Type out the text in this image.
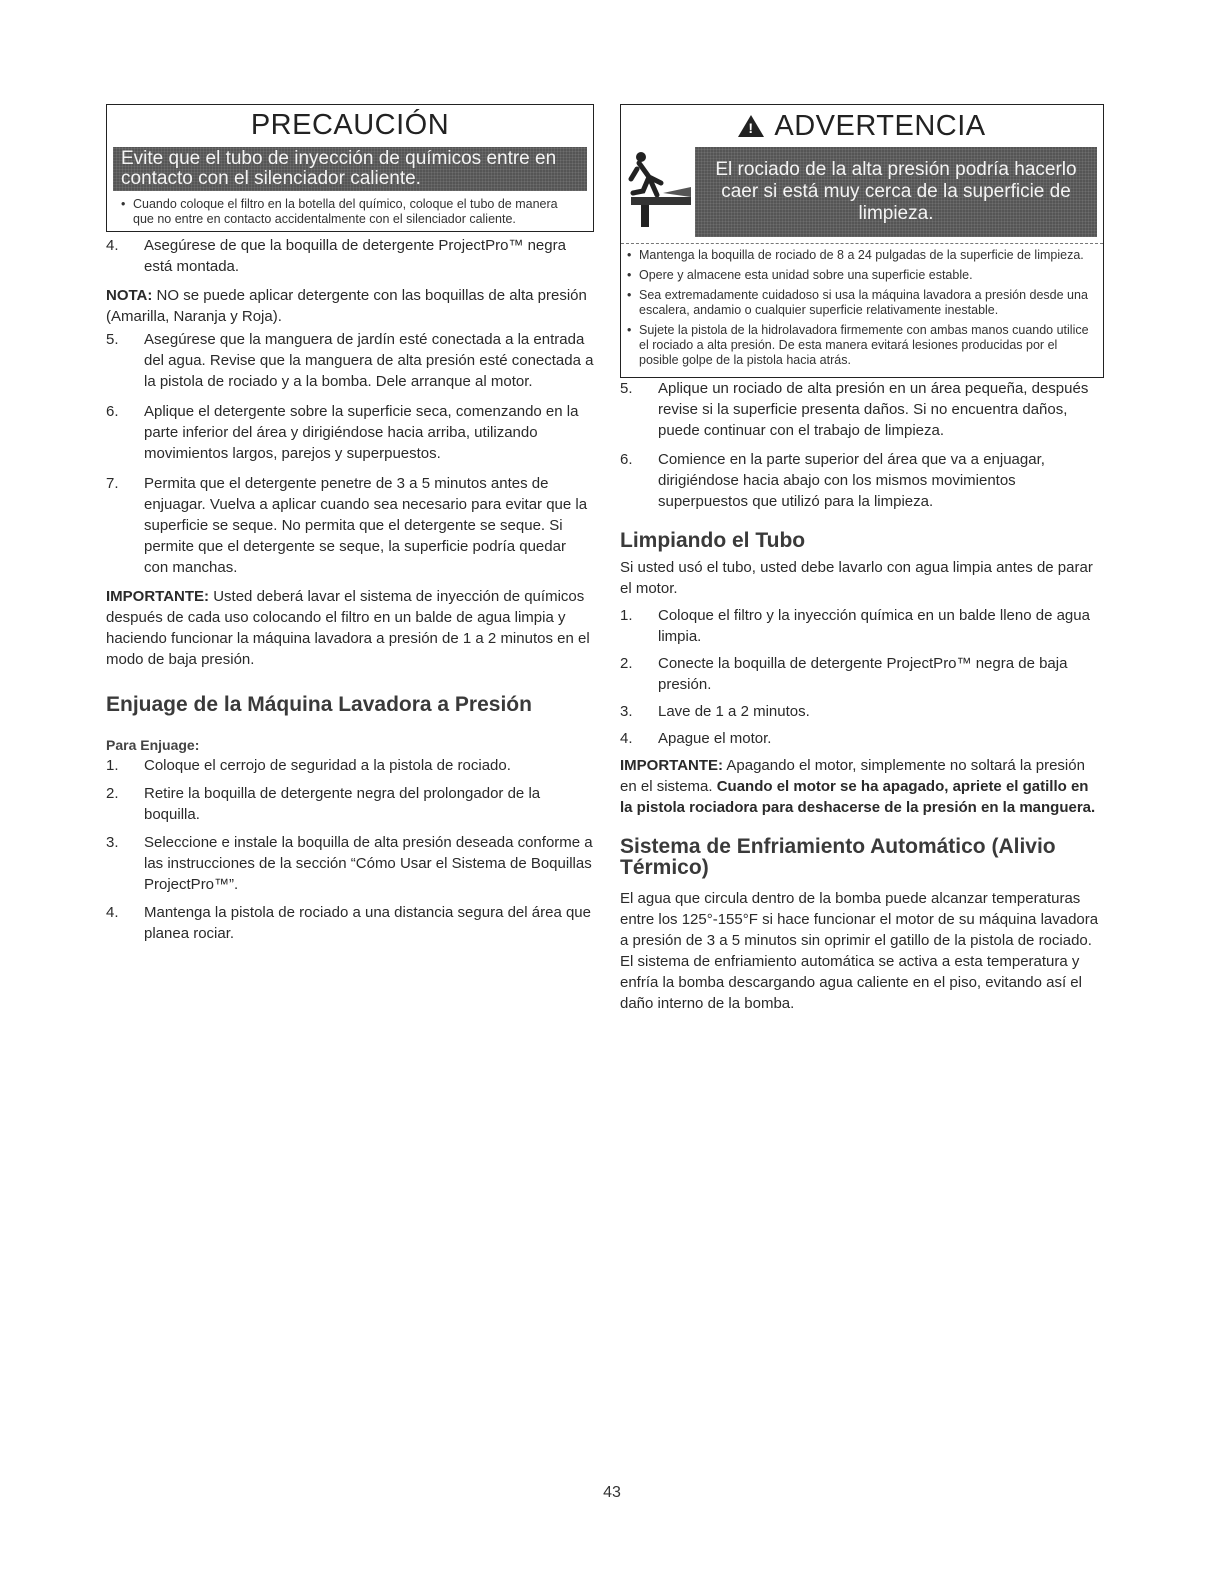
PRECAUCIÓN
Evite que el tubo de inyección de químicos entre en contacto con el silenciador caliente.
• Cuando coloque el filtro en la botella del químico, coloque el tubo de manera que no entre en contacto accidentalmente con el silenciador caliente.
4.	Asegúrese de que la boquilla de detergente ProjectPro™ negra está montada.

NOTA: NO se puede aplicar detergente con las boquillas de alta presión (Amarilla, Naranja y Roja).

5.	Asegúrese que la manguera de jardín esté conectada a la entrada del agua. Revise que la manguera de alta presión esté conectada a la pistola de rociado y a la bomba. Dele arranque al motor.
6.	Aplique el detergente sobre la superficie seca, comenzando en la parte inferior del área y dirigiéndose hacia arriba, utilizando movimientos largos, parejos y superpuestos.
7.	Permita que el detergente penetre de 3 a 5 minutos antes de enjuagar. Vuelva a aplicar cuando sea necesario para evitar que la superficie se seque. No permita que el detergente se seque. Si permite que el detergente se seque, la superficie podría quedar con manchas.

IMPORTANTE: Usted deberá lavar el sistema de inyección de químicos después de cada uso colocando el filtro en un balde de agua limpia y haciendo funcionar la máquina lavadora a presión de 1 a 2 minutos en el modo de baja presión.

Enjuage de la Máquina Lavadora a Presión
Para Enjuage:
1.	Coloque el cerrojo de seguridad a la pistola de rociado.
2.	Retire la boquilla de detergente negra del prolongador de la boquilla.
3.	Seleccione e instale la boquilla de alta presión deseada conforme a las instrucciones de la sección “Cómo Usar el Sistema de Boquillas ProjectPro™”.
4.	Mantenga la pistola de rociado a una distancia segura del área que planea rociar.
! ADVERTENCIA
El rociado de la alta presión podría hacerlo caer si está muy cerca de la superficie de limpieza.
• Mantenga la boquilla de rociado de 8 a 24 pulgadas de la superficie de limpieza.
• Opere y almacene esta unidad sobre una superficie estable.
• Sea extremadamente cuidadoso si usa la máquina lavadora a presión desde una escalera, andamio o cualquier superficie relativamente inestable.
• Sujete la pistola de la hidrolavadora firmemente con ambas manos cuando utilice el rociado a alta presión. De esta manera evitará lesiones producidas por el posible golpe de la pistola hacia atrás.
5.	Aplique un rociado de alta presión en un área pequeña, después revise si la superficie presenta daños. Si no encuentra daños, puede continuar con el trabajo de limpieza.
6.	Comience en la parte superior del área que va a enjuagar, dirigiéndose hacia abajo con los mismos movimientos superpuestos que utilizó para la limpieza.
Limpiando el Tubo

Si usted usó el tubo, usted debe lavarlo con agua limpia antes de parar el motor.

1.	Coloque el filtro y la inyección química en un balde lleno de agua limpia.
2.	Conecte la boquilla de detergente ProjectPro™ negra de baja presión.
3.	Lave de 1 a 2 minutos.
4.	Apague el motor.

IMPORTANTE: Apagando el motor, simplemente no soltará la presión en el sistema. Cuando el motor se ha apagado, apriete el gatillo en la pistola rociadora para deshacerse de la presión en la manguera.

Sistema de Enfriamiento Automático (Alivio Térmico)

El agua que circula dentro de la bomba puede alcanzar temperaturas entre los 125°-155°F si hace funcionar el motor de su máquina lavadora a presión de 3 a 5 minutos sin oprimir el gatillo de la pistola de rociado. El sistema de enfriamiento automática se activa a esta temperatura y enfría la bomba descargando agua caliente en el piso, evitando así el daño interno de la bomba.

43
